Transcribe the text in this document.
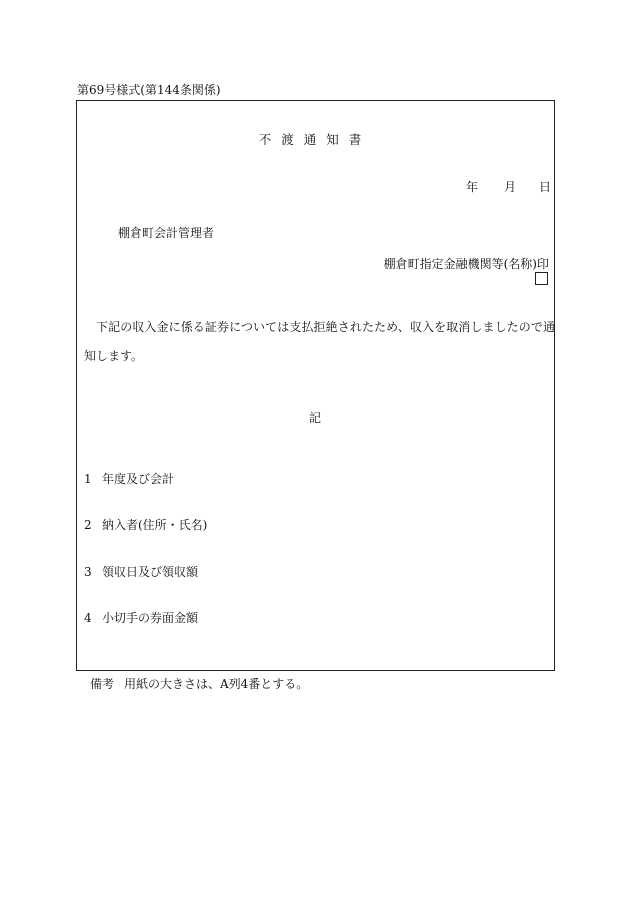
第69号様式(第144条関係)
不渡通知書
年 月 日
棚倉町会計管理者
棚倉町指定金融機関等(名称)印
下記の収入金に係る証券については支払拒絶されたため、収入を取消しましたので通
知します。
記
1 年度及び会計
2 納入者(住所・氏名)
3 領収日及び領収額
4 小切手の券面金額
備考 用紙の大きさは、A列4番とする。
